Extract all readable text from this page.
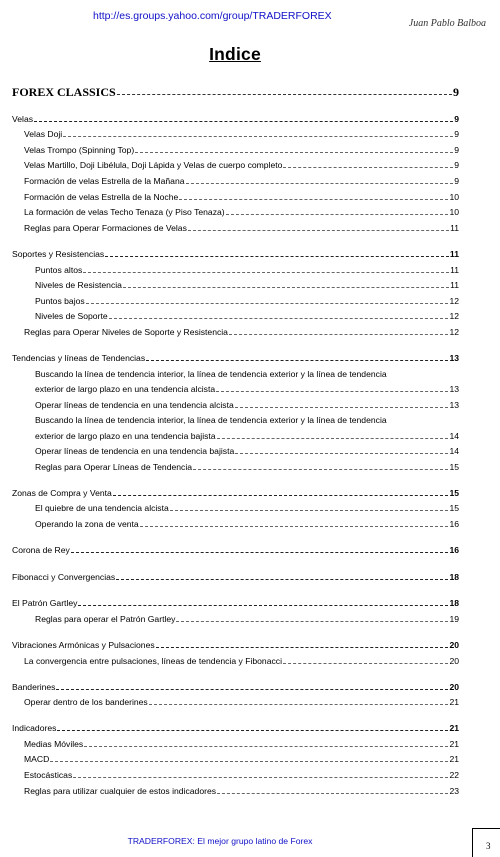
http://es.groups.yahoo.com/group/TRADERFOREX
Juan Pablo Balboa
Indice
FOREX CLASSICS	9
Velas	9
Velas Doji	9
Velas Trompo (Spinning Top)	9
Velas Martillo, Doji Libélula, Doji Lápida y Velas de cuerpo completo	9
Formación de velas Estrella de la Mañana	9
Formación de velas Estrella de la Noche	10
La formación de velas Techo Tenaza (y Piso Tenaza)	10
Reglas para Operar Formaciones de Velas	11
Soportes y Resistencias	11
Puntos altos	11
Niveles de Resistencia	11
Puntos bajos	12
Niveles de Soporte	12
Reglas para Operar Niveles de Soporte y Resistencia	12
Tendencias y líneas de Tendencias	13
Buscando la línea de tendencia interior, la línea de tendencia exterior y la línea de tendencia
exterior de largo plazo en una tendencia alcista	13
Operar líneas de tendencia en una tendencia alcista	13
Buscando la línea de tendencia interior, la línea de tendencia exterior y la línea de tendencia
exterior de largo plazo en una tendencia bajista	14
Operar líneas de tendencia en una tendencia bajista	14
Reglas para Operar Líneas de Tendencia	15
Zonas de Compra y Venta	15
El quiebre de una tendencia alcista	15
Operando la zona de venta	16
Corona de Rey	16
Fibonacci y Convergencias	18
El Patrón Gartley	18
Reglas para operar el Patrón Gartley	19
Vibraciones Armónicas y Pulsaciones	20
La convergencia entre pulsaciones, líneas de tendencia y Fibonacci	20
Banderines	20
Operar dentro de los banderines	21
Indicadores	21
Medias Móviles	21
MACD	21
Estocásticas	22
Reglas para utilizar cualquier de estos indicadores	23
TRADERFOREX: El mejor grupo latino de Forex	3
